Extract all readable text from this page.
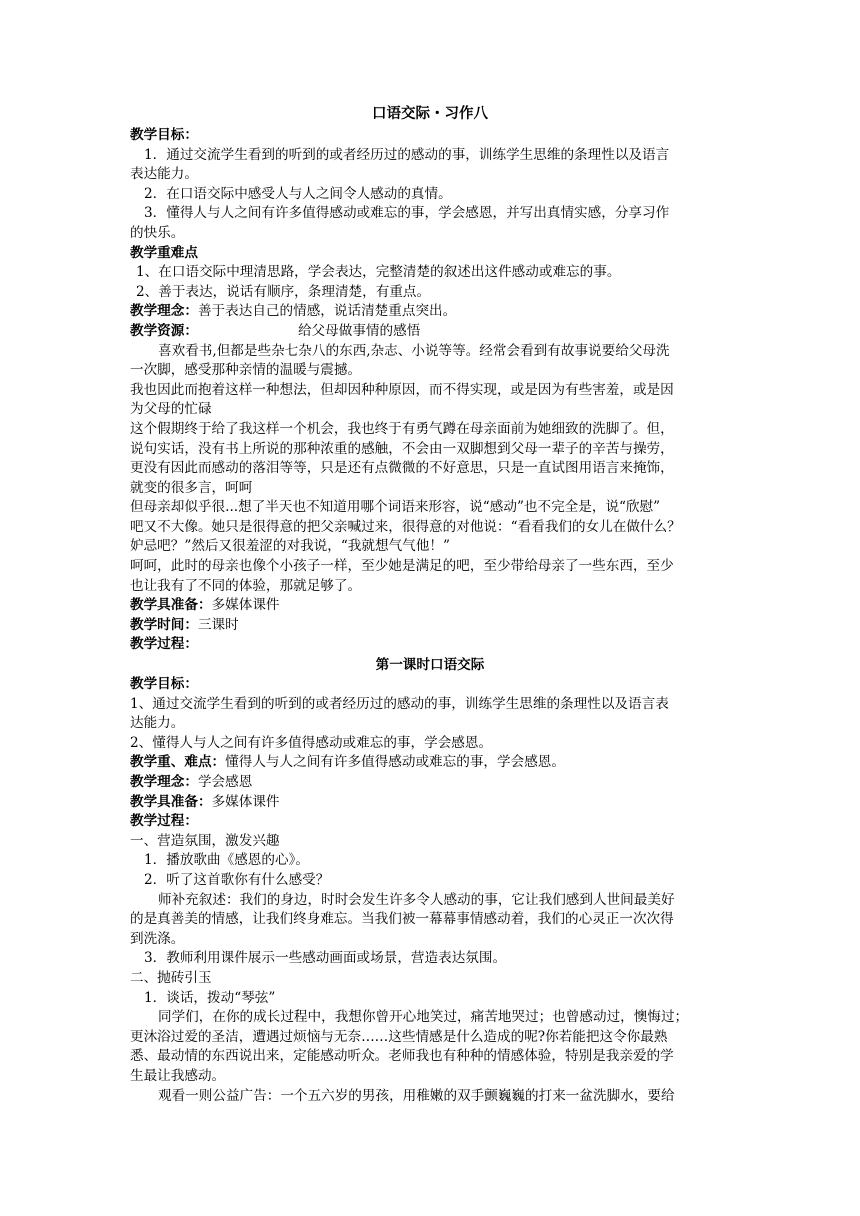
口语交际・习作八

教学目标：

1．通过交流学生看到的听到的或者经历过的感动的事，训练学生思维的条理性以及语言

表达能力。

2．在口语交际中感受人与人之间令人感动的真情。

3．懂得人与人之间有许多值得感动或难忘的事，学会感恩，并写出真情实感，分享习作

的快乐。

教学重难点

1、在口语交际中理清思路，学会表达，完整清楚的叙述出这件感动或难忘的事。

2、善于表达，说话有顺序，条理清楚，有重点。

教学理念：善于表达自己的情感，说话清楚重点突出。

教学资源：	给父母做事情的感悟

喜欢看书,但都是些杂七杂八的东西,杂志、小说等等。经常会看到有故事说要给父母洗

一次脚，感受那种亲情的温暖与震撼。

我也因此而抱着这样一种想法，但却因种种原因，而不得实现，或是因为有些害羞，或是因

为父母的忙碌

这个假期终于给了我这样一个机会，我也终于有勇气蹲在母亲面前为她细致的洗脚了。但，

说句实话，没有书上所说的那种浓重的感触，不会由一双脚想到父母一辈子的辛苦与操劳，

更没有因此而感动的落泪等等，只是还有点微微的不好意思，只是一直试图用语言来掩饰，

就变的很多言，呵呵

但母亲却似乎很...想了半天也不知道用哪个词语来形容，说“感动”也不完全是，说“欣慰”

吧又不大像。她只是很得意的把父亲喊过来，很得意的对他说：“看看我们的女儿在做什么？

妒忌吧？”然后又很羞涩的对我说，“我就想气气他！”

呵呵，此时的母亲也像个小孩子一样，至少她是满足的吧，至少带给母亲了一些东西，至少

也让我有了不同的体验，那就足够了。

教学具准备：多媒体课件

教学时间：三课时

教学过程：

第一课时口语交际

教学目标：

1、通过交流学生看到的听到的或者经历过的感动的事，训练学生思维的条理性以及语言表

达能力。

2、懂得人与人之间有许多值得感动或难忘的事，学会感恩。

教学重、难点：懂得人与人之间有许多值得感动或难忘的事，学会感恩。

教学理念：学会感恩

教学具准备：多媒体课件

教学过程：

一、营造氛围，激发兴趣

1．播放歌曲《感恩的心》。

2．听了这首歌你有什么感受？

师补充叙述：我们的身边，时时会发生许多令人感动的事，它让我们感到人世间最美好

的是真善美的情感，让我们终身难忘。当我们被一幕幕事情感动着，我们的心灵正一次次得

到洗涤。

3．教师利用课件展示一些感动画面或场景，营造表达氛围。

二、抛砖引玉

1．谈话，拨动“琴弦”

同学们，在你的成长过程中，我想你曾开心地笑过，痛苦地哭过；也曾感动过，懊悔过；

更沐浴过爱的圣洁，遭遇过烦恼与无奈……这些情感是什么造成的呢?你若能把这令你最熟

悉、最动情的东西说出来，定能感动听众。老师我也有种种的情感体验，特别是我亲爱的学

生最让我感动。

观看一则公益广告：一个五六岁的男孩，用稚嫩的双手颤巍巍的打来一盆洗脚水，要给
